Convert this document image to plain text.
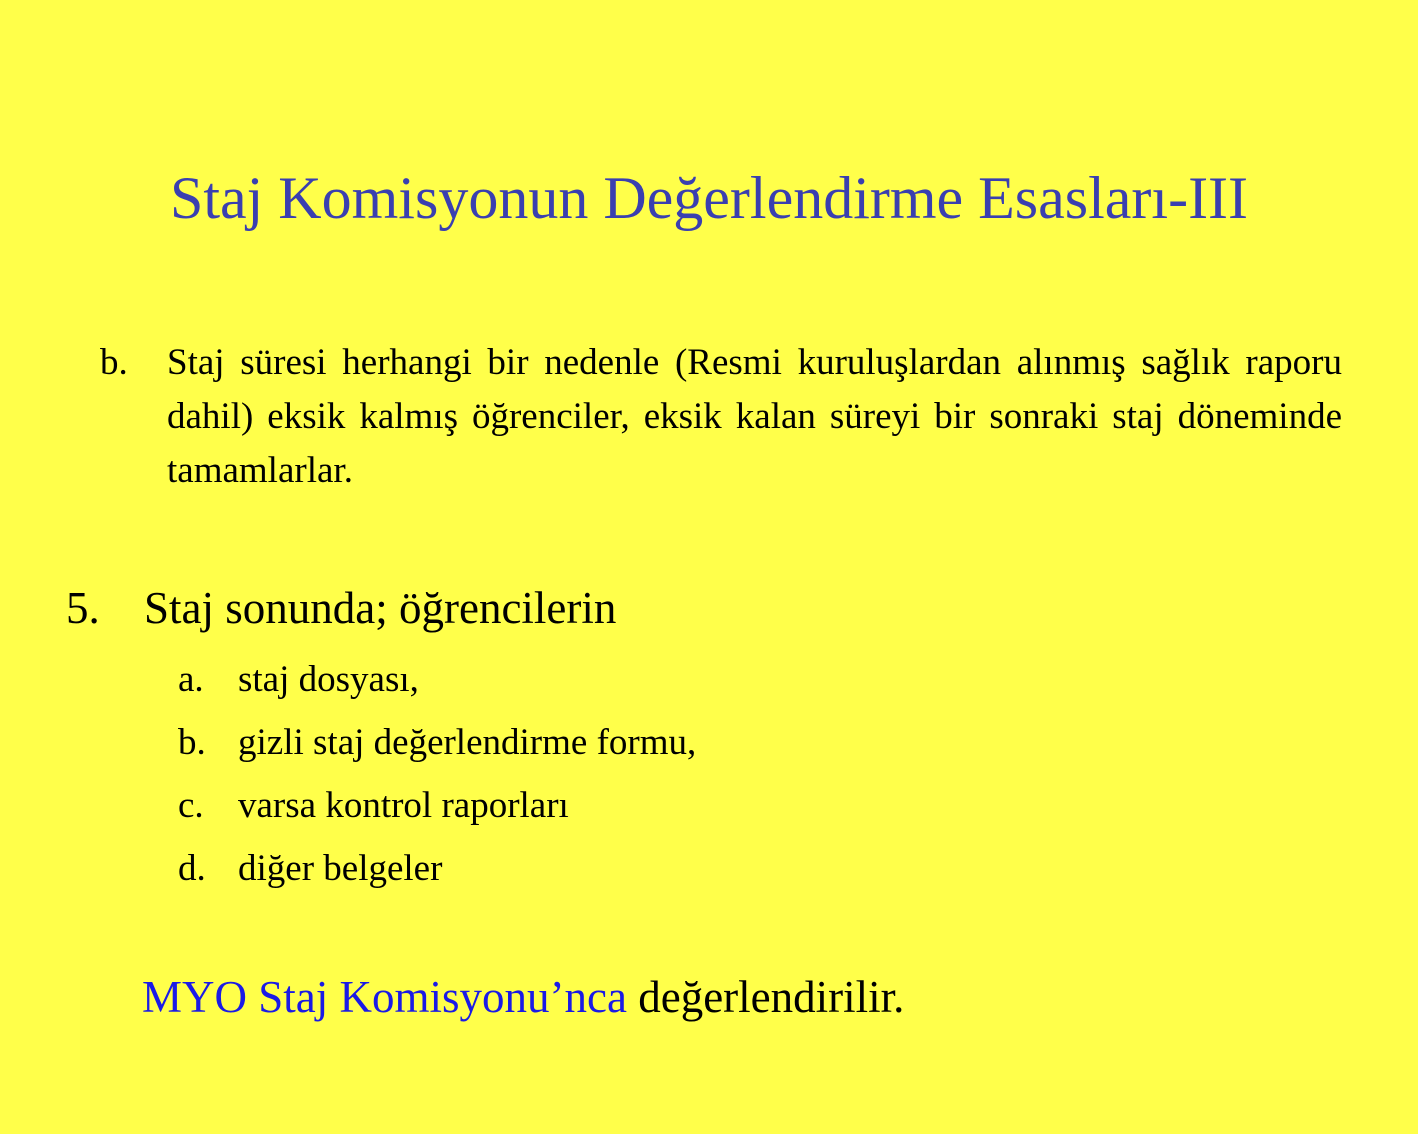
Staj Komisyonun Değerlendirme Esasları-III
b. Staj süresi herhangi bir nedenle (Resmi kuruluşlardan alınmış sağlık raporu dahil) eksik kalmış öğrenciler, eksik kalan süreyi bir sonraki staj döneminde tamamlarlar.
5. Staj sonunda; öğrencilerin
a. staj dosyası,
b. gizli staj değerlendirme formu,
c. varsa kontrol raporları
d. diğer belgeler
MYO Staj Komisyonu’nca değerlendirilir.
